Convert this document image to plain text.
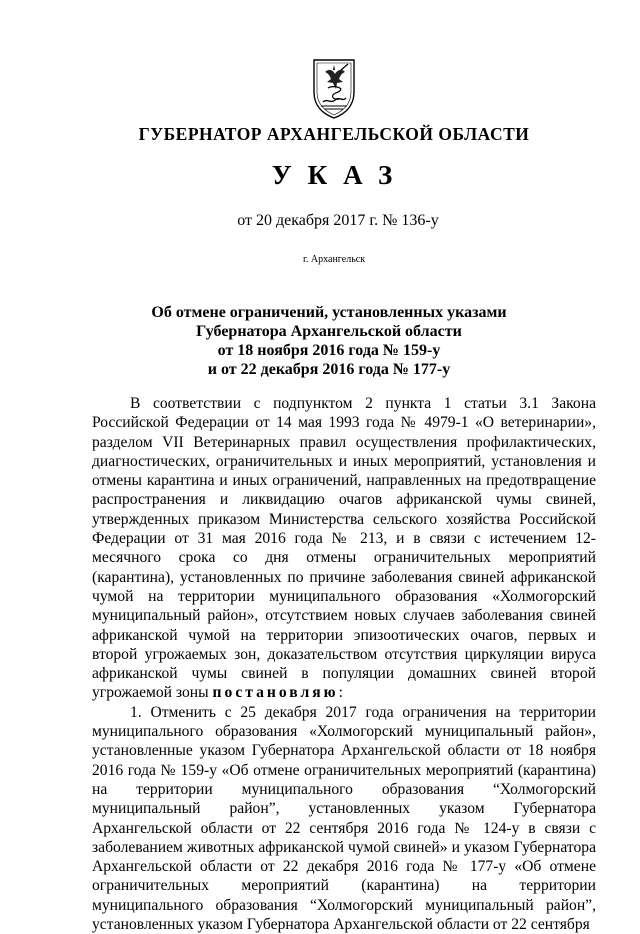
ГУБЕРНАТОР АРХАНГЕЛЬСКОЙ ОБЛАСТИ
УКАЗ
от 20 декабря 2017 г. № 136-у
г. Архангельск
Об отмене ограничений, установленных указами
Губернатора Архангельской области
от 18 ноября 2016 года № 159-у
и от 22 декабря 2016 года № 177-у

В соответствии с подпунктом 2 пункта 1 статьи 3.1 Закона Российской Федерации от 14 мая 1993 года № 4979-1 «О ветеринарии», разделом VII Ветеринарных правил осуществления профилактических, диагностических, ограничительных и иных мероприятий, установления и отмены карантина и иных ограничений, направленных на предотвращение распространения и ликвидацию очагов африканской чумы свиней, утвержденных приказом Министерства сельского хозяйства Российской Федерации от 31 мая 2016 года № 213, и в связи с истечением 12-месячного срока со дня отмены ограничительных мероприятий (карантина), установленных по причине заболевания свиней африканской чумой на территории муниципального образования «Холмогорский муниципальный район», отсутствием новых случаев заболевания свиней африканской чумой на территории эпизоотических очагов, первых и второй угрожаемых зон, доказательством отсутствия циркуляции вируса африканской чумы свиней в популяции домашних свиней второй угрожаемой зоны постановляю:

1. Отменить с 25 декабря 2017 года ограничения на территории муниципального образования «Холмогорский муниципальный район», установленные указом Губернатора Архангельской области от 18 ноября 2016 года № 159-у «Об отмене ограничительных мероприятий (карантина) на территории муниципального образования “Холмогорский муниципальный район”, установленных указом Губернатора Архангельской области от 22 сентября 2016 года № 124-у в связи с заболеванием животных африканской чумой свиней» и указом Губернатора Архангельской области от 22 декабря 2016 года № 177-у «Об отмене ограничительных мероприятий (карантина) на территории муниципального образования “Холмогорский муниципальный район”, установленных указом Губернатора Архангельской области от 22 сентября
